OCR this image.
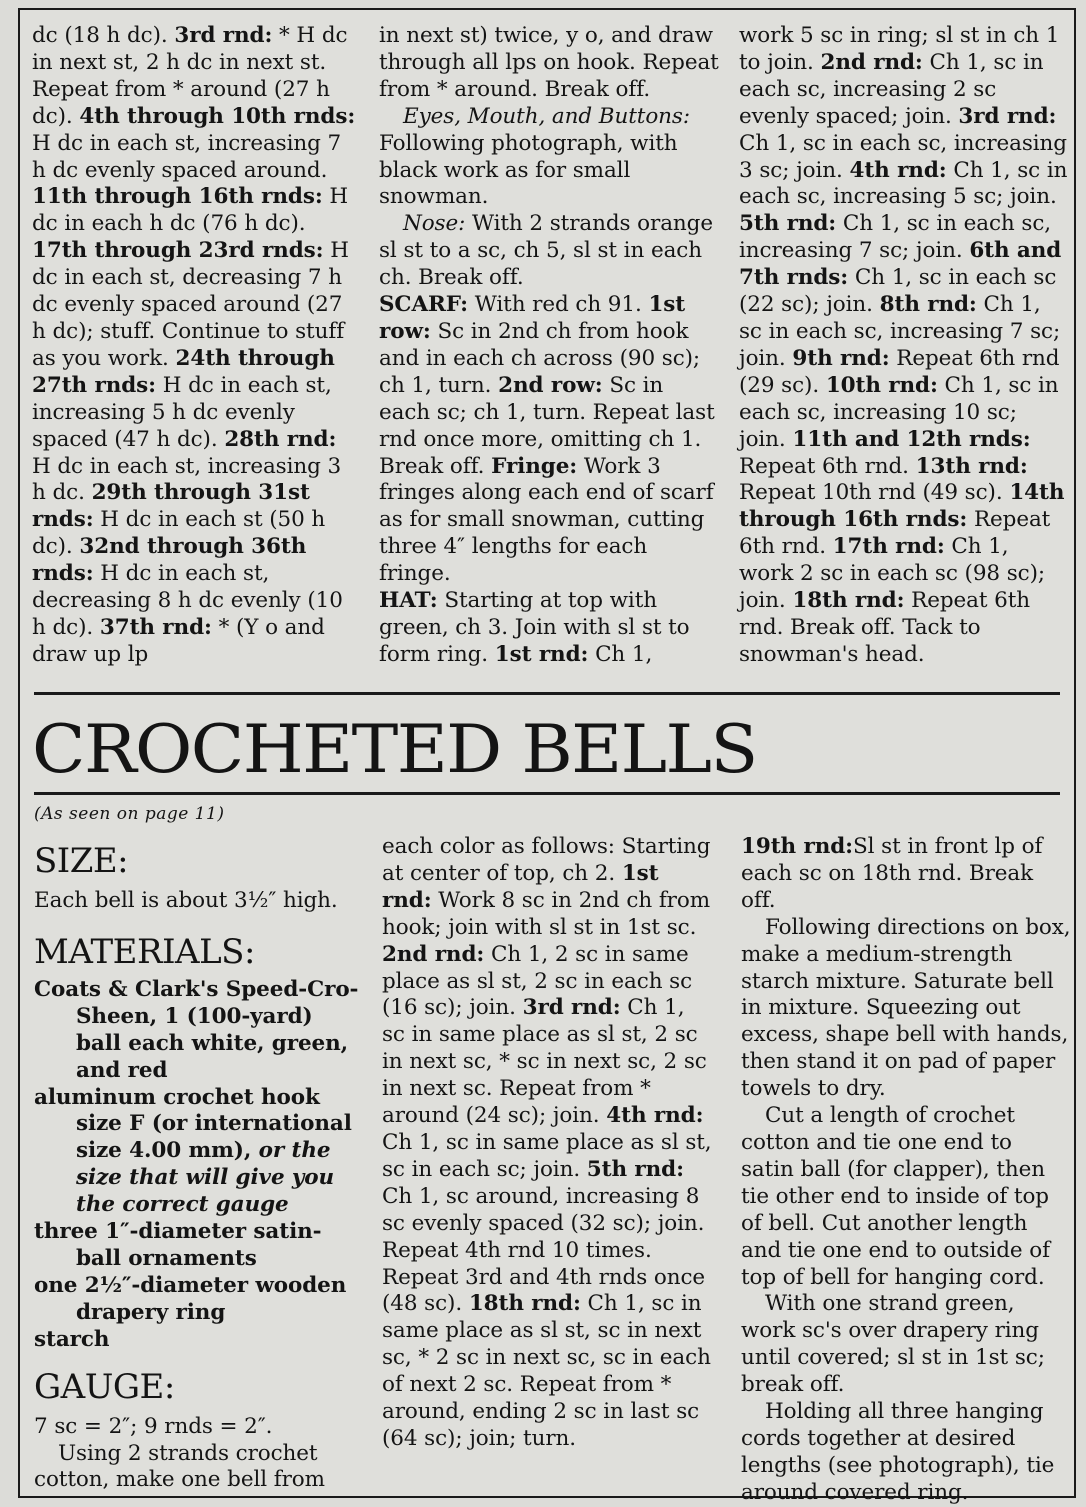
dc (18 h dc). 3rd rnd: * H dc in next st, 2 h dc in next st. Repeat from * around (27 h dc). 4th through 10th rnds: H dc in each st, increasing 7 h dc evenly spaced around. 11th through 16th rnds: H dc in each h dc (76 h dc). 17th through 23rd rnds: H dc in each st, decreasing 7 h dc evenly spaced around (27 h dc); stuff. Continue to stuff as you work. 24th through 27th rnds: H dc in each st, increasing 5 h dc evenly spaced (47 h dc). 28th rnd: H dc in each st, increasing 3 h dc. 29th through 31st rnds: H dc in each st (50 h dc). 32nd through 36th rnds: H dc in each st, decreasing 8 h dc evenly (10 h dc). 37th rnd: * (Y o and draw up lp

in next st) twice, y o, and draw through all lps on hook. Repeat from * around. Break off.

Eyes, Mouth, and Buttons: Following photograph, with black work as for small snowman.

Nose: With 2 strands orange sl st to a sc, ch 5, sl st in each ch. Break off.

SCARF: With red ch 91. 1st row: Sc in 2nd ch from hook and in each ch across (90 sc); ch 1, turn. 2nd row: Sc in each sc; ch 1, turn. Repeat last rnd once more, omitting ch 1. Break off. Fringe: Work 3 fringes along each end of scarf as for small snowman, cutting three 4″ lengths for each fringe.

HAT: Starting at top with green, ch 3. Join with sl st to form ring. 1st rnd: Ch 1,

work 5 sc in ring; sl st in ch 1 to join. 2nd rnd: Ch 1, sc in each sc, increasing 2 sc evenly spaced; join. 3rd rnd: Ch 1, sc in each sc, increasing 3 sc; join. 4th rnd: Ch 1, sc in each sc, increasing 5 sc; join. 5th rnd: Ch 1, sc in each sc, increasing 7 sc; join. 6th and 7th rnds: Ch 1, sc in each sc (22 sc); join. 8th rnd: Ch 1, sc in each sc, increasing 7 sc; join. 9th rnd: Repeat 6th rnd (29 sc). 10th rnd: Ch 1, sc in each sc, increasing 10 sc; join. 11th and 12th rnds: Repeat 6th rnd. 13th rnd: Repeat 10th rnd (49 sc). 14th through 16th rnds: Repeat 6th rnd. 17th rnd: Ch 1, work 2 sc in each sc (98 sc); join. 18th rnd: Repeat 6th rnd. Break off. Tack to snowman's head.

CROCHETED BELLS

(As seen on page 11)

SIZE:

Each bell is about 3½″ high.

MATERIALS:

Coats & Clark's Speed-Cro-Sheen, 1 (100-yard) ball each white, green, and red

aluminum crochet hook size F (or international size 4.00 mm), or the size that will give you the correct gauge

three 1″-diameter satin-ball ornaments

one 2½″-diameter wooden drapery ring

starch

GAUGE:

7 sc = 2″; 9 rnds = 2″.

Using 2 strands crochet cotton, make one bell from

each color as follows: Starting at center of top, ch 2. 1st rnd: Work 8 sc in 2nd ch from hook; join with sl st in 1st sc. 2nd rnd: Ch 1, 2 sc in same place as sl st, 2 sc in each sc (16 sc); join. 3rd rnd: Ch 1, sc in same place as sl st, 2 sc in next sc, * sc in next sc, 2 sc in next sc. Repeat from * around (24 sc); join. 4th rnd: Ch 1, sc in same place as sl st, sc in each sc; join. 5th rnd: Ch 1, sc around, increasing 8 sc evenly spaced (32 sc); join. Repeat 4th rnd 10 times. Repeat 3rd and 4th rnds once (48 sc). 18th rnd: Ch 1, sc in same place as sl st, sc in next sc, * 2 sc in next sc, sc in each of next 2 sc. Repeat from * around, ending 2 sc in last sc (64 sc); join; turn.

19th rnd:Sl st in front lp of each sc on 18th rnd. Break off.

Following directions on box, make a medium-strength starch mixture. Saturate bell in mixture. Squeezing out excess, shape bell with hands, then stand it on pad of paper towels to dry.

Cut a length of crochet cotton and tie one end to satin ball (for clapper), then tie other end to inside of top of bell. Cut another length and tie one end to outside of top of bell for hanging cord.

With one strand green, work sc's over drapery ring until covered; sl st in 1st sc; break off.

Holding all three hanging cords together at desired lengths (see photograph), tie around covered ring.
